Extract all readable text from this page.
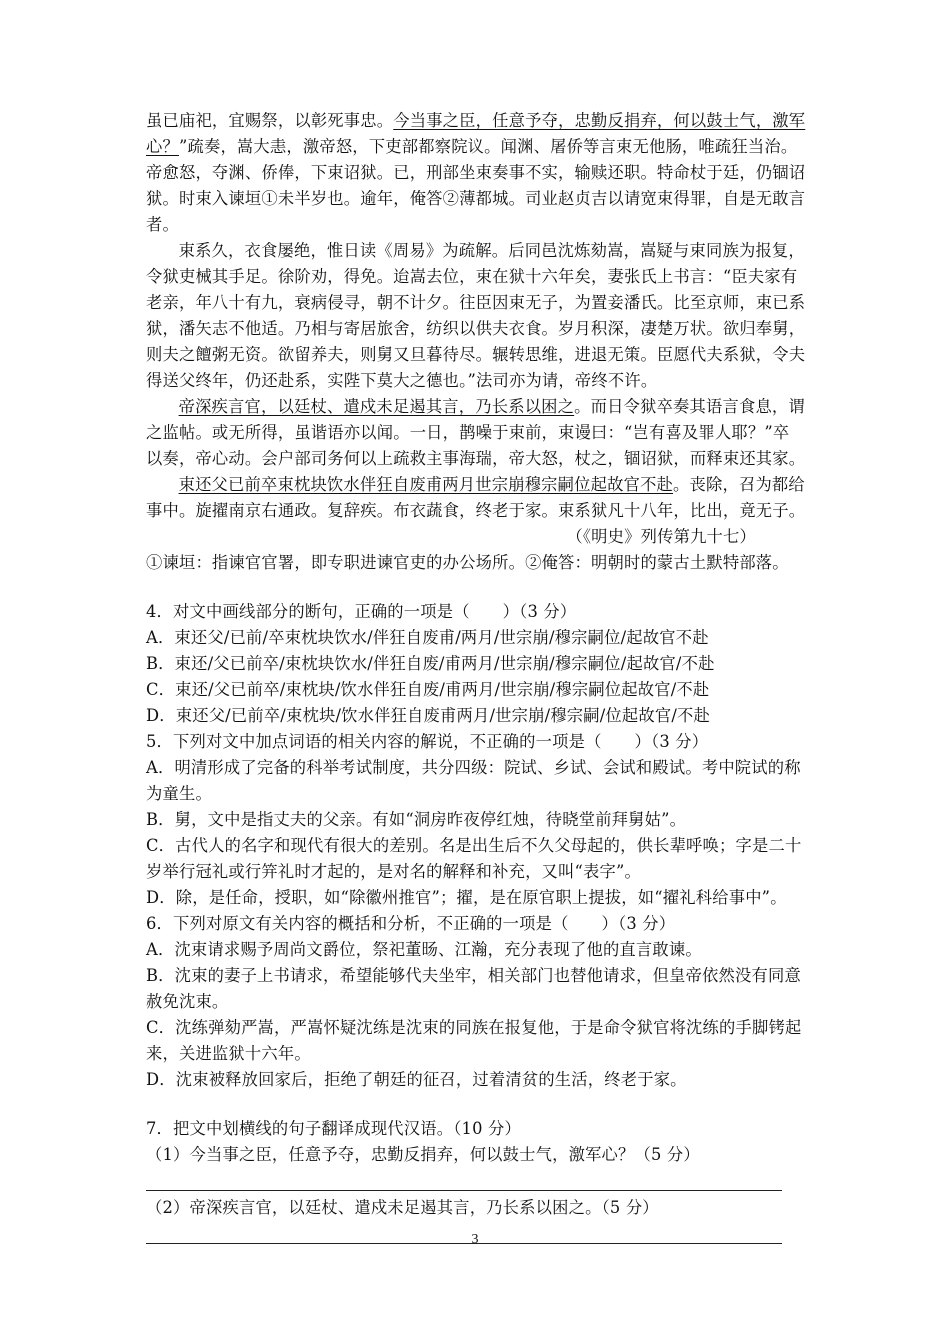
虽已庙祀，宜赐祭，以彰死事忠。今当事之臣，任意予夺，忠勤反捐弃，何以鼓士气，激军
心？”疏奏，嵩大恚，激帝怒，下吏部都察院议。闻渊、屠侨等言束无他肠，唯疏狂当治。
帝愈怒，夺渊、侨俸，下束诏狱。已，刑部坐束奏事不实，输赎还职。特命杖于廷，仍锢诏
狱。时束入谏垣①未半岁也。逾年，俺答②薄都城。司业赵贞吉以请宽束得罪，自是无敢言
者。
束系久，衣食屡绝，惟日读《周易》为疏解。后同邑沈炼劾嵩，嵩疑与束同族为报复，
令狱吏械其手足。徐阶劝，得免。迨嵩去位，束在狱十六年矣，妻张氏上书言：“臣夫家有
老亲，年八十有九，衰病侵寻，朝不计夕。往臣因束无子，为置妾潘氏。比至京师，束已系
狱，潘矢志不他适。乃相与寄居旅舍，纺织以供夫衣食。岁月积深，凄楚万状。欲归奉舅，
则夫之饘粥无资。欲留养夫，则舅又旦暮待尽。辗转思维，进退无策。臣愿代夫系狱，令夫
得送父终年，仍还赴系，实陛下莫大之德也。”法司亦为请，帝终不许。
帝深疾言官，以廷杖、遣戍未足遏其言，乃长系以困之。而日令狱卒奏其语言食息，谓
之监帖。或无所得，虽谐语亦以闻。一日，鹊噪于束前，束谩曰：“岂有喜及罪人耶？”卒
以奏，帝心动。会户部司务何以上疏救主事海瑞，帝大怒，杖之，锢诏狱，而释束还其家。
束还父已前卒束枕块饮水伴狂自废甫两月世宗崩穆宗嗣位起故官不赴。丧除，召为都给
事中。旋擢南京右通政。复辞疾。布衣蔬食，终老于家。束系狱凡十八年，比出，竟无子。
（《明史》列传第九十七）
①谏垣：指谏官官署，即专职进谏官吏的办公场所。②俺答：明朝时的蒙古土默特部落。
4．对文中画线部分的断句，正确的一项是（　　）（3 分）
A．束还父/已前/卒束枕块饮水/伴狂自废甫/两月/世宗崩/穆宗嗣位/起故官不赴
B．束还/父已前卒/束枕块饮水/伴狂自废/甫两月/世宗崩/穆宗嗣位/起故官/不赴
C．束还/父已前卒/束枕块/饮水伴狂自废/甫两月/世宗崩/穆宗嗣位起故官/不赴
D．束还父/已前卒/束枕块/饮水伴狂自废甫两月/世宗崩/穆宗嗣/位起故官/不赴
5．下列对文中加点词语的相关内容的解说，不正确的一项是（　　）（3 分）
A．明清形成了完备的科举考试制度，共分四级：院试、乡试、会试和殿试。考中院试的称
为童生。
B．舅，文中是指丈夫的父亲。有如“洞房昨夜停红烛，待晓堂前拜舅姑”。
C．古代人的名字和现代有很大的差别。名是出生后不久父母起的，供长辈呼唤；字是二十
岁举行冠礼或行笄礼时才起的，是对名的解释和补充，又叫“表字”。
D．除，是任命，授职，如“除徽州推官”；擢，是在原官职上提拔，如“擢礼科给事中”。
6．下列对原文有关内容的概括和分析，不正确的一项是（　　）（3 分）
A．沈束请求赐予周尚文爵位，祭祀董旸、江瀚，充分表现了他的直言敢谏。
B．沈束的妻子上书请求，希望能够代夫坐牢，相关部门也替他请求，但皇帝依然没有同意
赦免沈束。
C．沈练弹劾严嵩，严嵩怀疑沈练是沈束的同族在报复他，于是命令狱官将沈练的手脚铐起
来，关进监狱十六年。
D．沈束被释放回家后，拒绝了朝廷的征召，过着清贫的生活，终老于家。
7．把文中划横线的句子翻译成现代汉语。（10 分）
（1）今当事之臣，任意予夺，忠勤反捐弃，何以鼓士气，激军心？（5 分）
（2）帝深疾言官，以廷杖、遣戍未足遏其言，乃长系以困之。（5 分）
3
